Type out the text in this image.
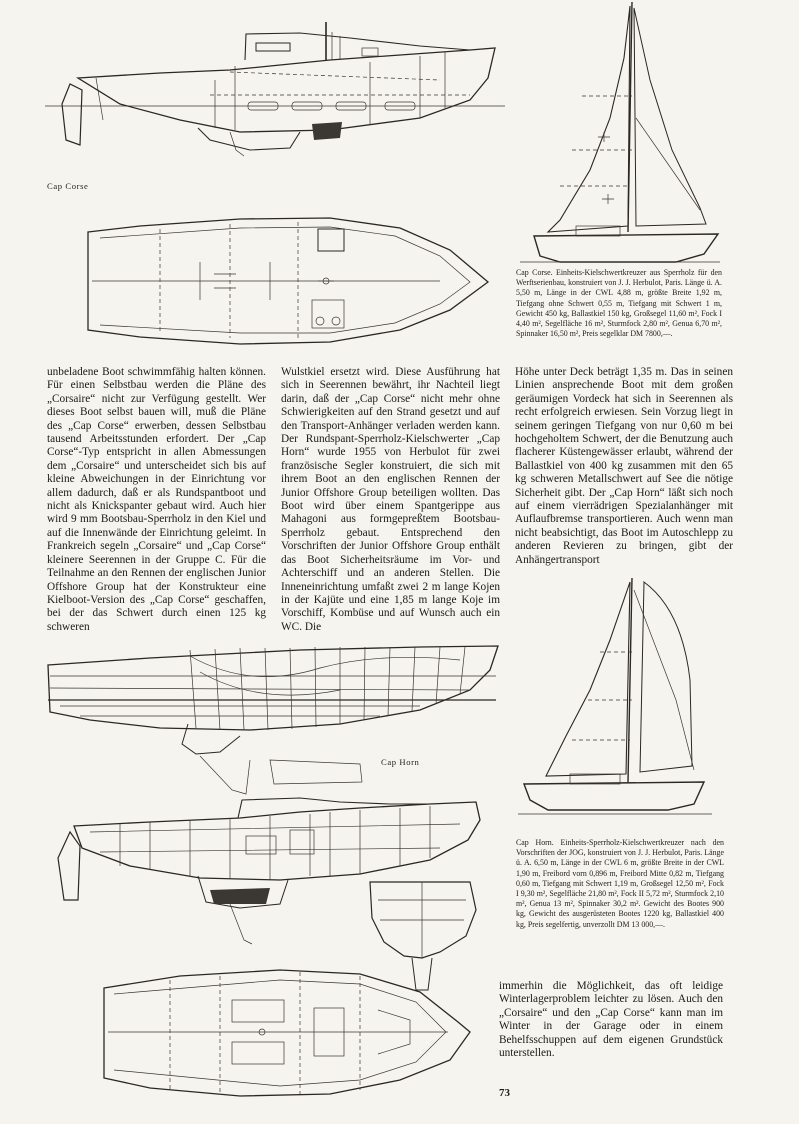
Cap Corse
Cap Horn
Cap Corse. Einheits-Kielschwertkreuzer aus Sperrholz für den Werftserienbau, konstruiert von J. J. Herbulot, Paris. Länge ü. A. 5,50 m, Länge in der CWL 4,88 m, größte Breite 1,92 m, Tiefgang ohne Schwert 0,55 m, Tiefgang mit Schwert 1 m, Gewicht 450 kg, Ballastkiel 150 kg, Großsegel 11,60 m², Fock I 4,40 m², Segelfläche 16 m², Sturmfock 2,80 m², Genua 6,70 m², Spinnaker 16,50 m², Preis segelklar DM 7800,—.
Cap Horn. Einheits-Sperrholz-Kielschwertkreuzer nach den Vorschriften der JOG, konstruiert von J. J. Herbulot, Paris. Länge ü. A. 6,50 m, Länge in der CWL 6 m, größte Breite in der CWL 1,90 m, Freibord vorn 0,896 m, Freibord Mitte 0,82 m, Tiefgang 0,60 m, Tiefgang mit Schwert 1,19 m, Großsegel 12,50 m², Fock I 9,30 m², Segelfläche 21,80 m², Fock II 5,72 m², Sturmfock 2,10 m², Genua 13 m², Spinnaker 30,2 m². Gewicht des Bootes 900 kg, Gewicht des ausgerüsteten Bootes 1220 kg, Ballastkiel 400 kg, Preis segelfertig, unverzollt DM 13 000,—.
unbeladene Boot schwimmfähig halten können. Für einen Selbstbau werden die Pläne des „Corsaire“ nicht zur Verfügung gestellt. Wer dieses Boot selbst bauen will, muß die Pläne des „Cap Corse“ erwerben, dessen Selbstbau tausend Arbeitsstunden erfordert. Der „Cap Corse“-Typ entspricht in allen Abmessungen dem „Corsaire“ und unterscheidet sich bis auf kleine Abweichungen in der Einrichtung vor allem dadurch, daß er als Rundspantboot und nicht als Knickspanter gebaut wird. Auch hier wird 9 mm Bootsbau-Sperrholz in den Kiel und auf die Innenwände der Einrichtung geleimt. In Frankreich segeln „Corsaire“ und „Cap Corse“ kleinere Seerennen in der Gruppe C. Für die Teilnahme an den Rennen der englischen Junior Offshore Group hat der Konstrukteur eine Kielboot-Version des „Cap Corse“ geschaffen, bei der das Schwert durch einen 125 kg schweren
Wulstkiel ersetzt wird. Diese Ausführung hat sich in Seerennen bewährt, ihr Nachteil liegt darin, daß der „Cap Corse“ nicht mehr ohne Schwierigkeiten auf den Strand gesetzt und auf den Transport-Anhänger verladen werden kann. Der Rundspant-Sperrholz-Kielschwerter „Cap Horn“ wurde 1955 von Herbulot für zwei französische Segler konstruiert, die sich mit ihrem Boot an den englischen Rennen der Junior Offshore Group beteiligen wollten. Das Boot wird über einem Spantgerippe aus Mahagoni aus formgepreßtem Bootsbau-Sperrholz gebaut. Entsprechend den Vorschriften der Junior Offshore Group enthält das Boot Sicherheitsräume im Vor- und Achterschiff und an anderen Stellen. Die Inneneinrichtung umfaßt zwei 2 m lange Kojen in der Kajüte und eine 1,85 m lange Koje im Vorschiff, Kombüse und auf Wunsch auch ein WC. Die
Höhe unter Deck beträgt 1,35 m. Das in seinen Linien ansprechende Boot mit dem großen geräumigen Vordeck hat sich in Seerennen als recht erfolgreich erwiesen. Sein Vorzug liegt in seinem geringen Tiefgang von nur 0,60 m bei hochgeholtem Schwert, der die Benutzung auch flacherer Küstengewässer erlaubt, während der Ballastkiel von 400 kg zusammen mit den 65 kg schweren Metallschwert auf See die nötige Sicherheit gibt. Der „Cap Horn“ läßt sich noch auf einem vierrädrigen Spezialanhänger mit Auflaufbremse transportieren. Auch wenn man nicht beabsichtigt, das Boot im Autoschlepp zu anderen Revieren zu bringen, gibt der Anhängertransport
immerhin die Möglichkeit, das oft leidige Winterlagerproblem leichter zu lösen. Auch den „Corsaire“ und den „Cap Corse“ kann man im Winter in der Garage oder in einem Behelfsschuppen auf dem eigenen Grundstück unterstellen.
73
